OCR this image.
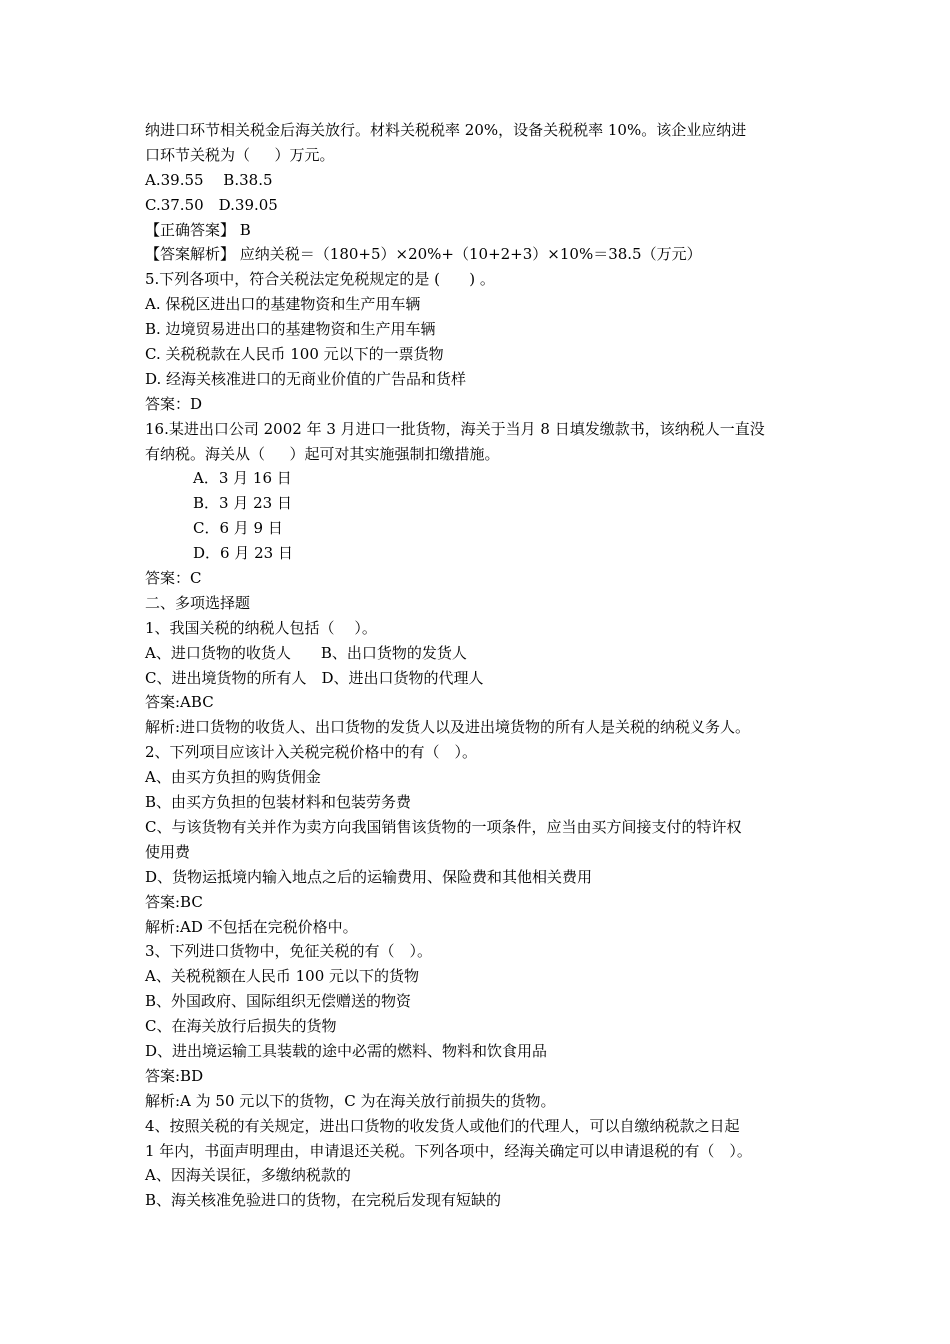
纳进口环节相关税金后海关放行。材料关税税率 20%，设备关税税率 10%。该企业应纳进
口环节关税为（　  ）万元。
A.39.55　 B.38.5
C.37.50　D.39.05
【正确答案】 B
【答案解析】 应纳关税＝（180+5）×20%+（10+2+3）×10%＝38.5（万元）
5.下列各项中，符合关税法定免税规定的是 (　   ) 。
A. 保税区进出口的基建物资和生产用车辆
B. 边境贸易进出口的基建物资和生产用车辆
C. 关税税款在人民币 100 元以下的一票货物
D. 经海关核准进口的无商业价值的广告品和货样
答案：D
16.某进出口公司 2002 年 3 月进口一批货物，海关于当月 8 日填发缴款书，该纳税人一直没
有纳税。海关从（　  ）起可对其实施强制扣缴措施。
A．3 月 16 日
B．3 月 23 日
C．6 月 9 日
D．6 月 23 日
答案：C
二、多项选择题
1、我国关税的纳税人包括（　 ）。
A、进口货物的收货人　　B、出口货物的发货人
C、进出境货物的所有人　D、进出口货物的代理人
答案:ABC
解析:进口货物的收货人、出口货物的发货人以及进出境货物的所有人是关税的纳税义务人。
2、下列项目应该计入关税完税价格中的有（　）。
A、由买方负担的购货佣金
B、由买方负担的包装材料和包装劳务费
C、与该货物有关并作为卖方向我国销售该货物的一项条件，应当由买方间接支付的特许权
使用费
D、货物运抵境内输入地点之后的运输费用、保险费和其他相关费用
答案:BC
解析:AD 不包括在完税价格中。
3、下列进口货物中，免征关税的有（　）。
A、关税税额在人民币 100 元以下的货物
B、外国政府、国际组织无偿赠送的物资
C、在海关放行后损失的货物
D、进出境运输工具装载的途中必需的燃料、物料和饮食用品
答案:BD
解析:A 为 50 元以下的货物，C 为在海关放行前损失的货物。
4、按照关税的有关规定，进出口货物的收发货人或他们的代理人，可以自缴纳税款之日起
1 年内，书面声明理由，申请退还关税。下列各项中，经海关确定可以申请退税的有（　）。
A、因海关误征，多缴纳税款的
B、海关核准免验进口的货物，在完税后发现有短缺的
